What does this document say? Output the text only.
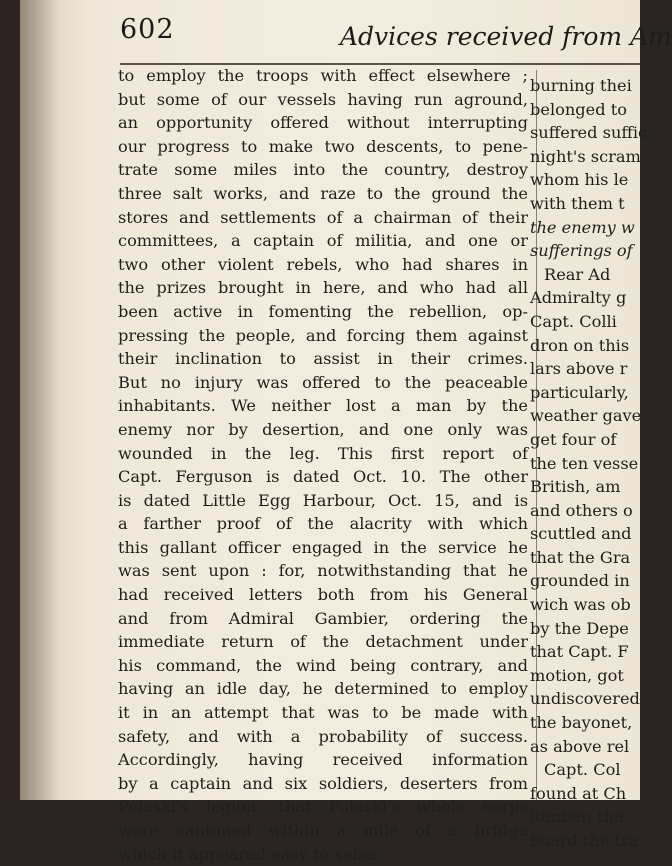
602	Advices received from Am
to employ the troops with effect elsewhere ;
but some of our vessels having run aground,
an opportunity offered without interrupting
our progress to make two descents, to pene-
trate some miles into the country, destroy
three salt works, and raze to the ground the
stores and settlements of a chairman of their
committees, a captain of militia, and one or
two other violent rebels, who had shares in
the prizes brought in here, and who had all
been active in fomenting the rebellion, op-
pressing the people, and forcing them against
their inclination to assist in their crimes.
But no injury was offered to the peaceable
inhabitants. We neither lost a man by the
enemy nor by desertion, and one only was
wounded in the leg. This first report of
Capt. Ferguson is dated Oct. 10. The other
is dated Little Egg Harbour, Oct. 15, and is
a farther proof of the alacrity with which
this gallant officer engaged in the service he
was sent upon : for, notwithstanding that he
had received letters both from his General
and from Admiral Gambier, ordering the
immediate return of the detachment under
his command, the wind being contrary, and
having an idle day, he determined to employ
it in an attempt that was to be made with
safety, and with a probability of success.
Accordingly, having received information
by a captain and six soldiers, deserters from
Polaski's legion, that Polaski's whole corps
were cantoned within a mile of a bridge
which it appeared easy to seize
burning thei
belonged to
suffered suffic
night's scram
whom his le
with them t
the enemy w
sufferings of
Rear Ad
Admiralty g
Capt. Colli
dron on this
lars above r
particularly,
weather gave
get four of
the ten vesse
British, am
and others o
scuttled and
that the Gra
grounded in
wich was ob
by the Depe
that Capt. F
motion, got
undiscovered
the bayonet,
as above rel
Capt. Col
found at Ch
lumber, the
board the tra
